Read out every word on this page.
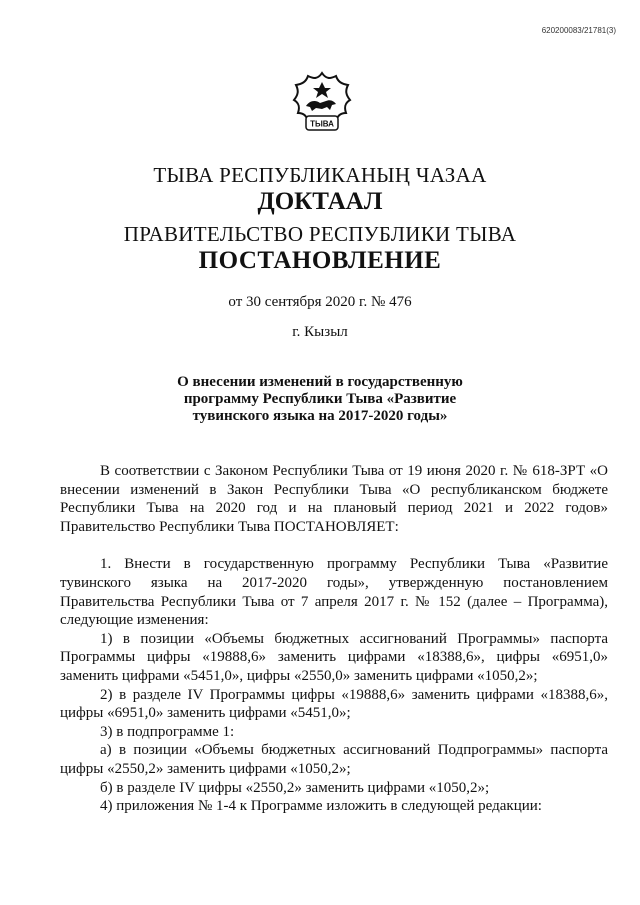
620200083/21781(3)
ТЫВА
ТЫВА РЕСПУБЛИКАНЫҢ ЧАЗАА
ДОКТААЛ
ПРАВИТЕЛЬСТВО РЕСПУБЛИКИ ТЫВА
ПОСТАНОВЛЕНИЕ
от 30 сентября 2020 г. № 476
г. Кызыл
О внесении изменений в государственную
программу Республики Тыва «Развитие
тувинского языка на 2017-2020 годы»

В соответствии с Законом Республики Тыва от 19 июня 2020 г. № 618-ЗРТ «О внесении изменений в Закон Республики Тыва «О республиканском бюджете Республики Тыва на 2020 год и на плановый период 2021 и 2022 годов» Правительство Республики Тыва ПОСТАНОВЛЯЕТ:

1. Внести в государственную программу Республики Тыва «Развитие тувинского языка на 2017-2020 годы», утвержденную постановлением Правительства Республики Тыва от 7 апреля 2017 г. № 152 (далее – Программа), следующие изменения:

1) в позиции «Объемы бюджетных ассигнований Программы» паспорта Программы цифры «19888,6» заменить цифрами «18388,6», цифры «6951,0» заменить цифрами «5451,0», цифры «2550,0» заменить цифрами «1050,2»;

2) в разделе IV Программы цифры «19888,6» заменить цифрами «18388,6», цифры «6951,0» заменить цифрами «5451,0»;

3) в подпрограмме 1:

а) в позиции «Объемы бюджетных ассигнований Подпрограммы» паспорта цифры «2550,2» заменить цифрами «1050,2»;

б) в разделе IV цифры «2550,2» заменить цифрами «1050,2»;

4) приложения № 1-4 к Программе изложить в следующей редакции:
